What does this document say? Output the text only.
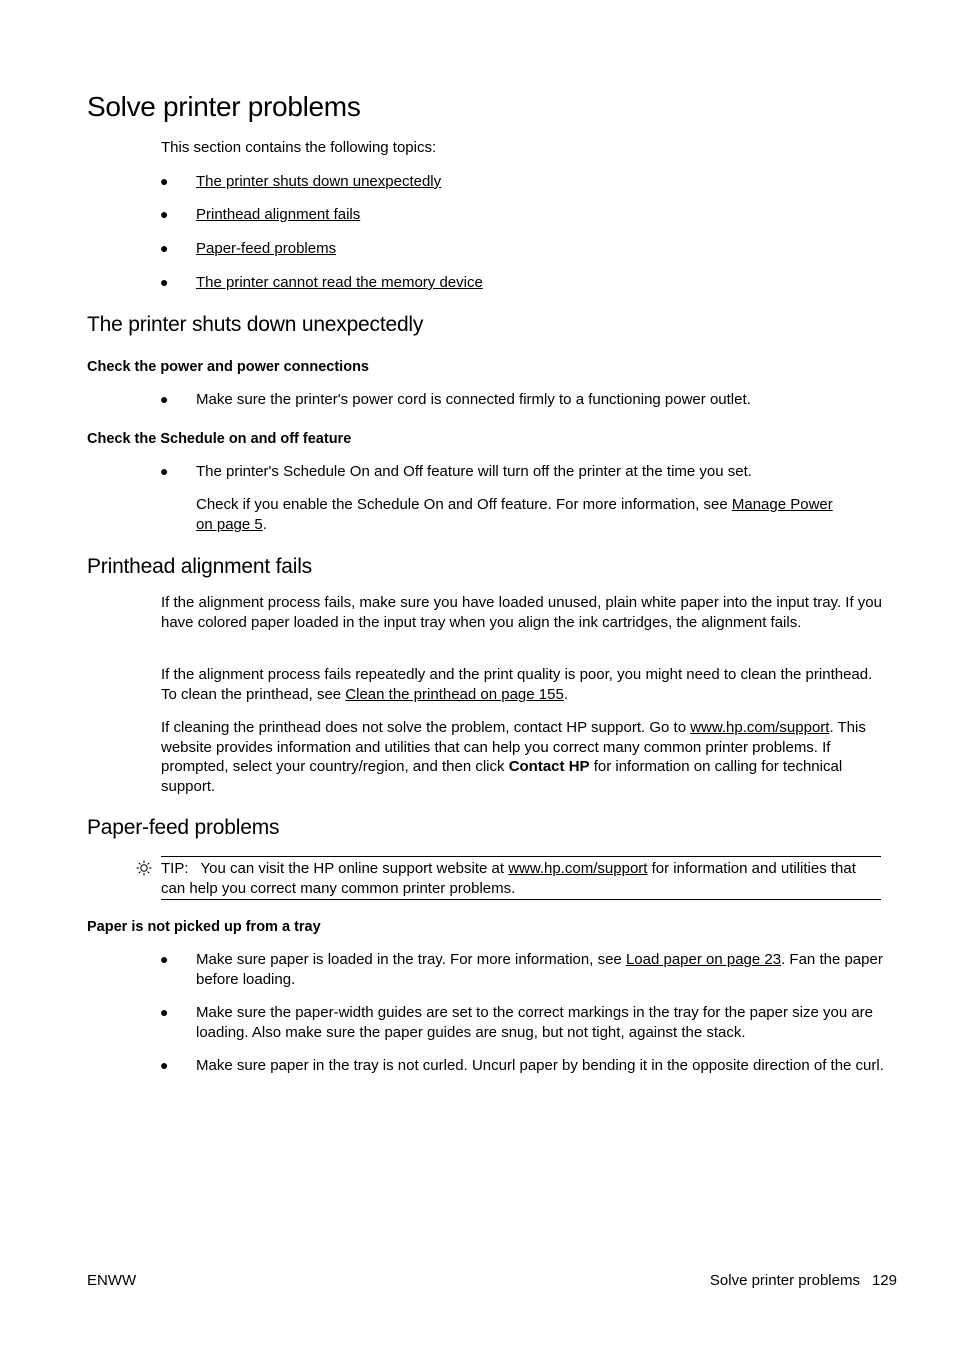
Solve printer problems
This section contains the following topics:
● The printer shuts down unexpectedly
● Printhead alignment fails
● Paper-feed problems
● The printer cannot read the memory device
The printer shuts down unexpectedly
Check the power and power connections
● Make sure the printer's power cord is connected firmly to a functioning power outlet.
Check the Schedule on and off feature
● The printer's Schedule On and Off feature will turn off the printer at the time you set.
Check if you enable the Schedule On and Off feature. For more information, see Manage Power
on page 5.
Printhead alignment fails
If the alignment process fails, make sure you have loaded unused, plain white paper into the input tray. If you have colored paper loaded in the input tray when you align the ink cartridges, the alignment fails.
If the alignment process fails repeatedly and the print quality is poor, you might need to clean the printhead. To clean the printhead, see Clean the printhead on page 155.
If cleaning the printhead does not solve the problem, contact HP support. Go to www.hp.com/support. This website provides information and utilities that can help you correct many common printer problems. If prompted, select your country/region, and then click Contact HP for information on calling for technical support.
Paper-feed problems
TIP: You can visit the HP online support website at www.hp.com/support for information and utilities that can help you correct many common printer problems.
Paper is not picked up from a tray
● Make sure paper is loaded in the tray. For more information, see Load paper on page 23. Fan the paper before loading.
● Make sure the paper-width guides are set to the correct markings in the tray for the paper size you are loading. Also make sure the paper guides are snug, but not tight, against the stack.
● Make sure paper in the tray is not curled. Uncurl paper by bending it in the opposite direction of the curl.
ENWW	Solve printer problems 129
